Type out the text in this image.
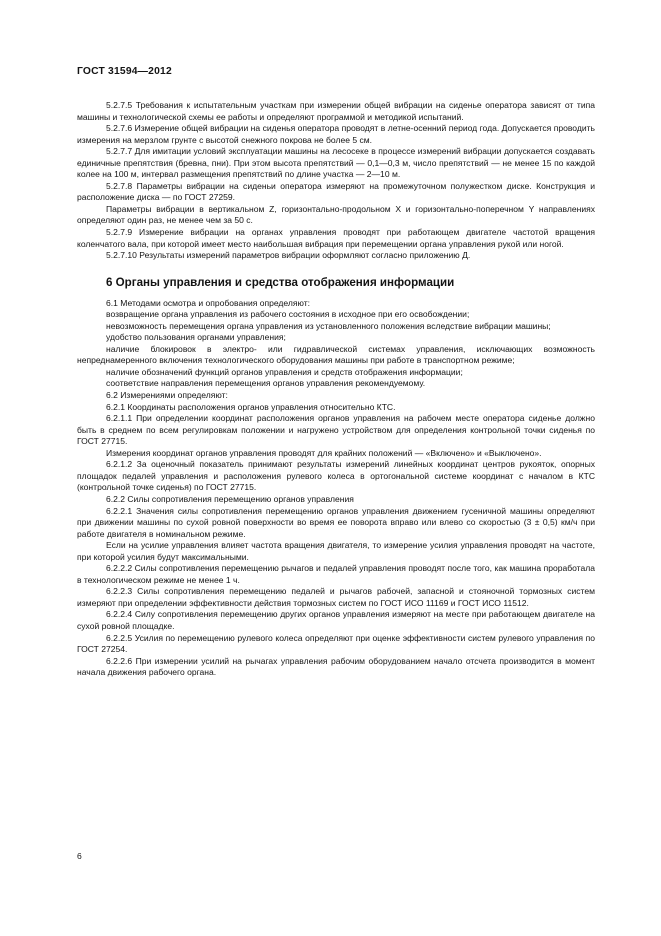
ГОСТ 31594—2012

5.2.7.5 Требования к испытательным участкам при измерении общей вибрации на сиденье оператора зависят от типа машины и технологической схемы ее работы и определяют программой и методикой испытаний.

5.2.7.6 Измерение общей вибрации на сиденья оператора проводят в летне-осенний период года. Допускается проводить измерения на мерзлом грунте с высотой снежного покрова не более 5 см.

5.2.7.7 Для имитации условий эксплуатации машины на лесосеке в процессе измерений вибрации допускается создавать единичные препятствия (бревна, пни). При этом высота препятствий — 0,1—0,3 м, число препятствий — не менее 15 по каждой колее на 100 м, интервал размещения препятствий по длине участка — 2—10 м.

5.2.7.8 Параметры вибрации на сиденьи оператора измеряют на промежуточном полужестком диске. Конструкция и расположение диска — по ГОСТ 27259.

Параметры вибрации в вертикальном Z, горизонтально-продольном X и горизонтально-поперечном Y направлениях определяют один раз, не менее чем за 50 с.

5.2.7.9 Измерение вибрации на органах управления проводят при работающем двигателе частотой вращения коленчатого вала, при которой имеет место наибольшая вибрация при перемещении органа управления рукой или ногой.

5.2.7.10 Результаты измерений параметров вибрации оформляют согласно приложению Д.

6 Органы управления и средства отображения информации

6.1 Методами осмотра и опробования определяют:

возвращение органа управления из рабочего состояния в исходное при его освобождении;

невозможность перемещения органа управления из установленного положения вследствие вибрации машины;

удобство пользования органами управления;

наличие блокировок в электро- или гидравлической системах управления, исключающих возможность непреднамеренного включения технологического оборудования машины при работе в транспортном режиме;

наличие обозначений функций органов управления и средств отображения информации;

соответствие направления перемещения органов управления рекомендуемому.

6.2 Измерениями определяют:

6.2.1 Координаты расположения органов управления относительно КТС.

6.2.1.1 При определении координат расположения органов управления на рабочем месте оператора сиденье должно быть в среднем по всем регулировкам положении и нагружено устройством для определения контрольной точки сиденья по ГОСТ 27715.

Измерения координат органов управления проводят для крайних положений — «Включено» и «Выключено».

6.2.1.2 За оценочный показатель принимают результаты измерений линейных координат центров рукояток, опорных площадок педалей управления и расположения рулевого колеса в ортогональной системе координат с началом в КТС (контрольной точке сиденья) по ГОСТ 27715.

6.2.2 Силы сопротивления перемещению органов управления

6.2.2.1 Значения силы сопротивления перемещению органов управления движением гусеничной машины определяют при движении машины по сухой ровной поверхности во время ее поворота вправо или влево со скоростью (3 ± 0,5) км/ч при работе двигателя в номинальном режиме.

Если на усилие управления влияет частота вращения двигателя, то измерение усилия управления проводят на частоте, при которой усилия будут максимальными.

6.2.2.2 Силы сопротивления перемещению рычагов и педалей управления проводят после того, как машина проработала в технологическом режиме не менее 1 ч.

6.2.2.3 Силы сопротивления перемещению педалей и рычагов рабочей, запасной и стояночной тормозных систем измеряют при определении эффективности действия тормозных систем по ГОСТ ИСО 11169 и ГОСТ ИСО 11512.

6.2.2.4 Силу сопротивления перемещению других органов управления измеряют на месте при работающем двигателе на сухой ровной площадке.

6.2.2.5 Усилия по перемещению рулевого колеса определяют при оценке эффективности систем рулевого управления по ГОСТ 27254.

6.2.2.6 При измерении усилий на рычагах управления рабочим оборудованием начало отсчета производится в момент начала движения рабочего органа.

6
